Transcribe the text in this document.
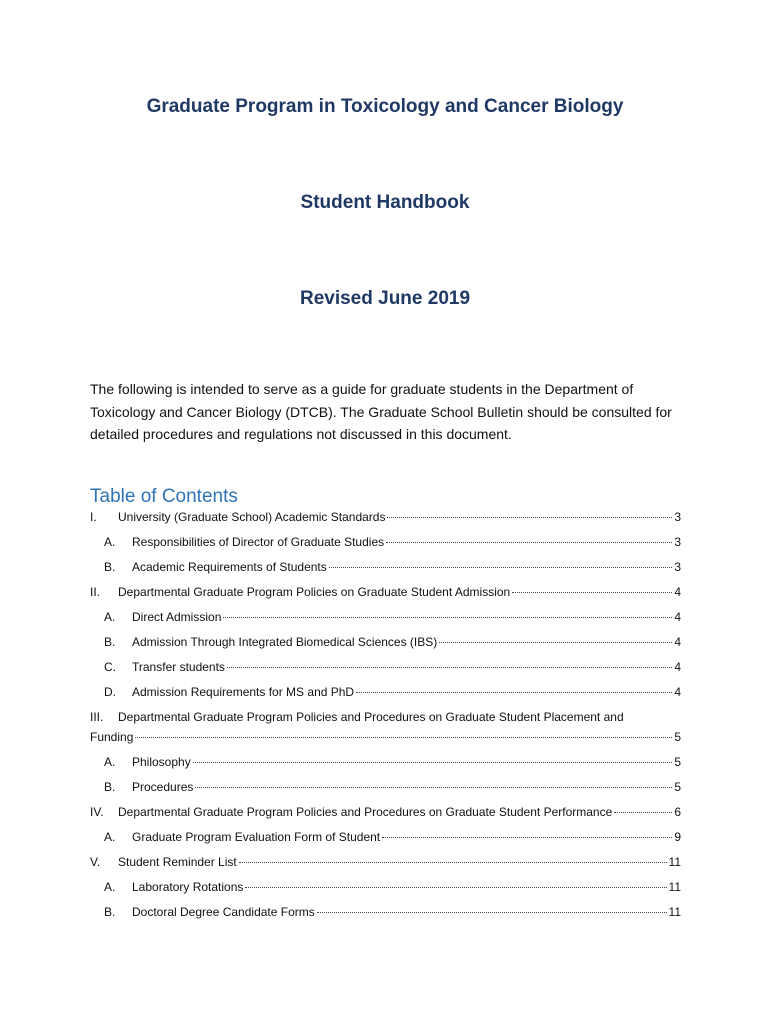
Graduate Program in Toxicology and Cancer Biology
Student Handbook
Revised June 2019

The following is intended to serve as a guide for graduate students in the Department of Toxicology and Cancer Biology (DTCB). The Graduate School Bulletin should be consulted for detailed procedures and regulations not discussed in this document.

Table of Contents
I.	University (Graduate School) Academic Standards	3
A.	Responsibilities of Director of Graduate Studies	3
B.	Academic Requirements of Students	3
II.	Departmental Graduate Program Policies on Graduate Student Admission	4
A.	Direct Admission	4
B.	Admission Through Integrated Biomedical Sciences (IBS)	4
C.	Transfer students	4
D.	Admission Requirements for MS and PhD	4
III.	Departmental Graduate Program Policies and Procedures on Graduate Student Placement and
Funding	5
A.	Philosophy	5
B.	Procedures	5
IV.	Departmental Graduate Program Policies and Procedures on Graduate Student Performance	6
A.	Graduate Program Evaluation Form of Student	9
V.	Student Reminder List	11
A.	Laboratory Rotations	11
B.	Doctoral Degree Candidate Forms	11
